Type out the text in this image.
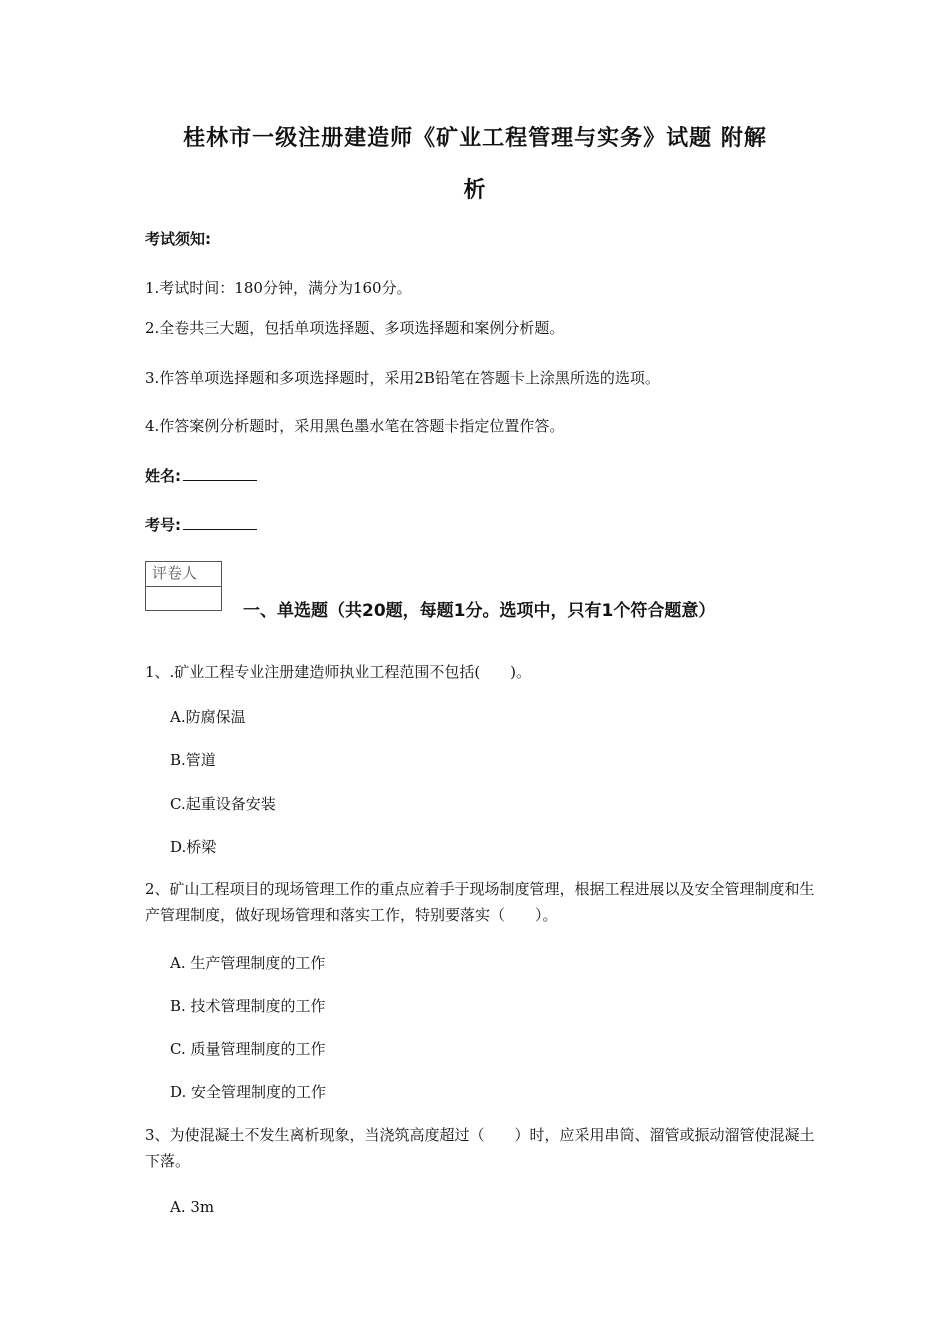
桂林市一级注册建造师《矿业工程管理与实务》试题 附解
析
考试须知:
1.考试时间：180分钟，满分为160分。
2.全卷共三大题，包括单项选择题、多项选择题和案例分析题。
3.作答单项选择题和多项选择题时，采用2B铅笔在答题卡上涂黑所选的选项。
4.作答案例分析题时，采用黑色墨水笔在答题卡指定位置作答。
姓名:
考号:
评卷人
一、单选题（共20题，每题1分。选项中，只有1个符合题意）
1、.矿业工程专业注册建造师执业工程范围不包括(　　)。
A.防腐保温
B.管道
C.起重设备安装
D.桥梁
2、矿山工程项目的现场管理工作的重点应着手于现场制度管理，根据工程进展以及安全管理制度和生产管理制度，做好现场管理和落实工作，特别要落实（　　）。
A. 生产管理制度的工作
B. 技术管理制度的工作
C. 质量管理制度的工作
D. 安全管理制度的工作
3、为使混凝土不发生离析现象，当浇筑高度超过（　　）时，应采用串筒、溜管或振动溜管使混凝土下落。
A. 3m
